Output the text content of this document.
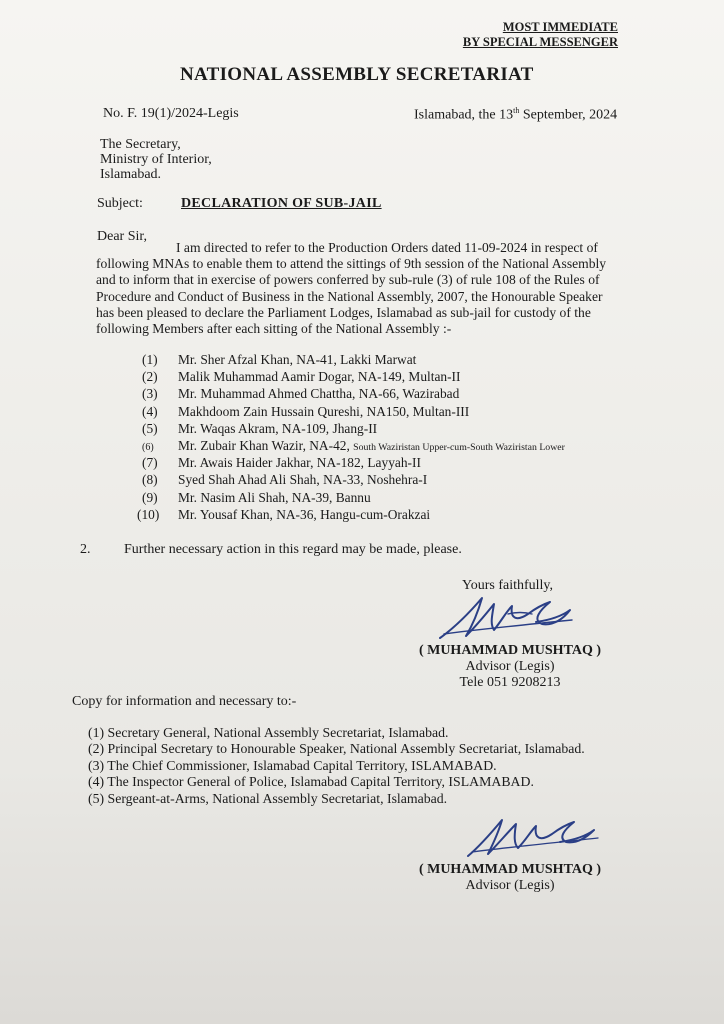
MOST IMMEDIATE
BY SPECIAL MESSENGER
NATIONAL ASSEMBLY SECRETARIAT
No. F. 19(1)/2024-Legis	Islamabad, the 13th September, 2024
The Secretary,
Ministry of Interior,
Islamabad.
Subject:	DECLARATION OF SUB-JAIL
Dear Sir,
I am directed to refer to the Production Orders dated 11-09-2024 in respect of
following MNAs to enable them to attend the sittings of 9th session of the National Assembly
and to inform that in exercise of powers conferred by sub-rule (3) of rule 108 of the Rules of
Procedure and Conduct of Business in the National Assembly, 2007, the Honourable Speaker
has been pleased to declare the Parliament Lodges, Islamabad as sub-jail for custody of the
following Members after each sitting of the National Assembly :-
(1) Mr. Sher Afzal Khan, NA-41, Lakki Marwat
(2) Malik Muhammad Aamir Dogar, NA-149, Multan-II
(3) Mr. Muhammad Ahmed Chattha, NA-66, Wazirabad
(4) Makhdoom Zain Hussain Qureshi, NA150, Multan-III
(5) Mr. Waqas Akram, NA-109, Jhang-II
(6) Mr. Zubair Khan Wazir, NA-42, South Waziristan Upper-cum-South Waziristan Lower
(7) Mr. Awais Haider Jakhar, NA-182, Layyah-II
(8) Syed Shah Ahad Ali Shah, NA-33, Noshehra-I
(9) Mr. Nasim Ali Shah, NA-39, Bannu
(10) Mr. Yousaf Khan, NA-36, Hangu-cum-Orakzai
2. Further necessary action in this regard may be made, please.
Yours faithfully,
( MUHAMMAD MUSHTAQ )
Advisor (Legis)
Tele 051 9208213
Copy for information and necessary to:-
(1) Secretary General, National Assembly Secretariat, Islamabad.
(2) Principal Secretary to Honourable Speaker, National Assembly Secretariat, Islamabad.
(3) The Chief Commissioner, Islamabad Capital Territory, ISLAMABAD.
(4) The Inspector General of Police, Islamabad Capital Territory, ISLAMABAD.
(5) Sergeant-at-Arms, National Assembly Secretariat, Islamabad.
( MUHAMMAD MUSHTAQ )
Advisor (Legis)
